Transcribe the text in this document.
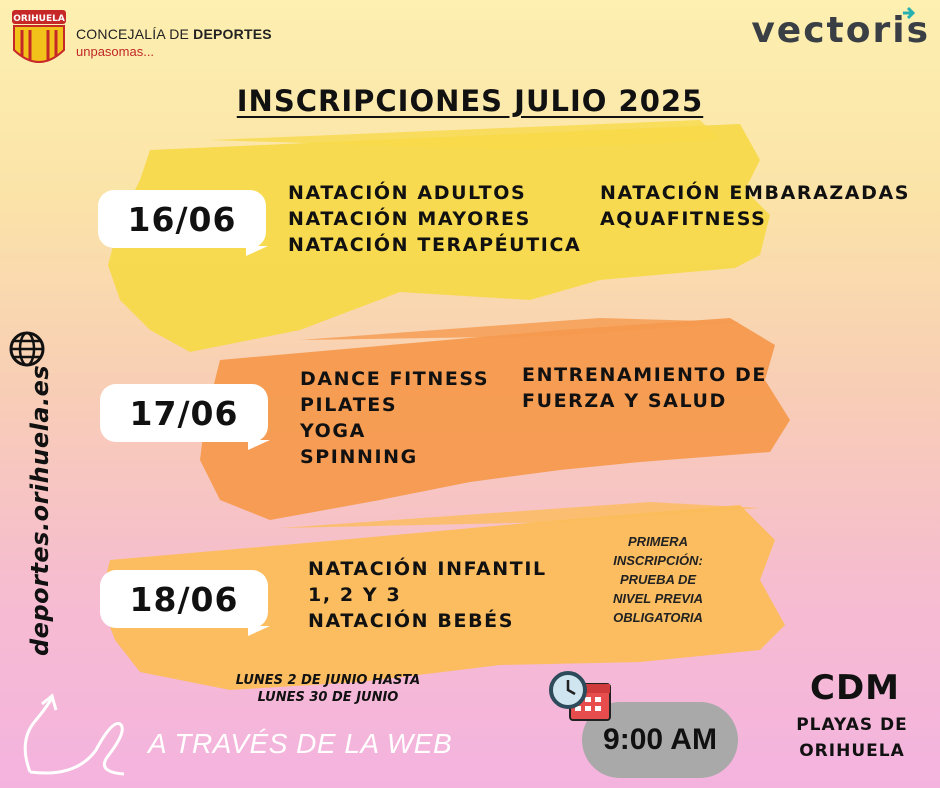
ORIHUELA
CONCEJALÍA DE DEPORTES
unpasomas...
vectoris
INSCRIPCIONES JULIO 2025
16/06
NATACIÓN ADULTOS
NATACIÓN MAYORES
NATACIÓN TERAPÉUTICA
NATACIÓN EMBARAZADAS
AQUAFITNESS
17/06
DANCE FITNESS
PILATES
YOGA
SPINNING
ENTRENAMIENTO DE
FUERZA Y SALUD
18/06
NATACIÓN INFANTIL
1, 2 Y 3
NATACIÓN BEBÉS
PRIMERA
INSCRIPCIÓN:
PRUEBA DE
NIVEL PREVIA
OBLIGATORIA
deportes.orihuela.es
LUNES 2 DE JUNIO HASTA
LUNES 30 DE JUNIO
A TRAVÉS DE LA WEB	9:00 AM
CDM
PLAYAS DE
ORIHUELA
